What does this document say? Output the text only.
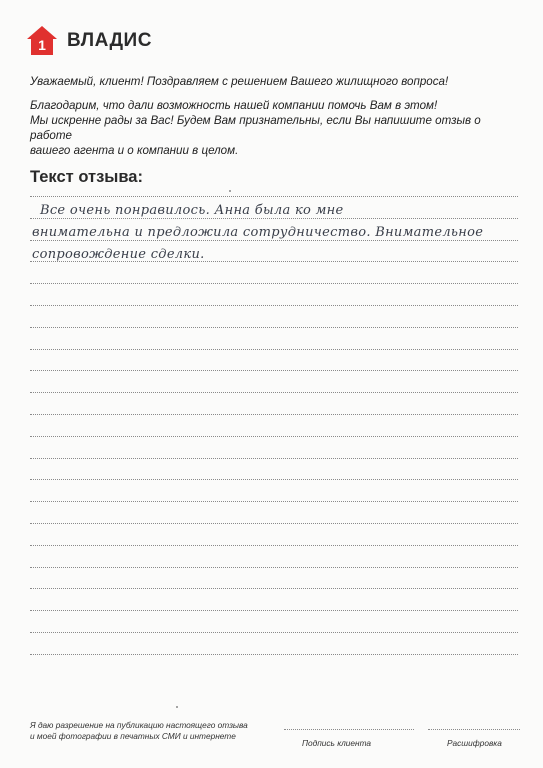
1 ВЛАДИС

Уважаемый, клиент! Поздравляем с решением Вашего жилищного вопроса!

Благодарим, что дали возможность нашей компании помочь Вам в этом!

Мы искренне рады за Вас! Будем Вам признательны, если Вы напишите отзыв о работе

вашего агента и о компании в целом.

Текст отзыва:
Все очень понравилось. Анна была ко мне
внимательна и предложила сотрудничество. Внимательное
сопровождение сделки.
Я даю разрешение на публикацию настоящего отзыва
и моей фотографии в печатных СМИ и интернете
Подпись клиента	Расшифровка
